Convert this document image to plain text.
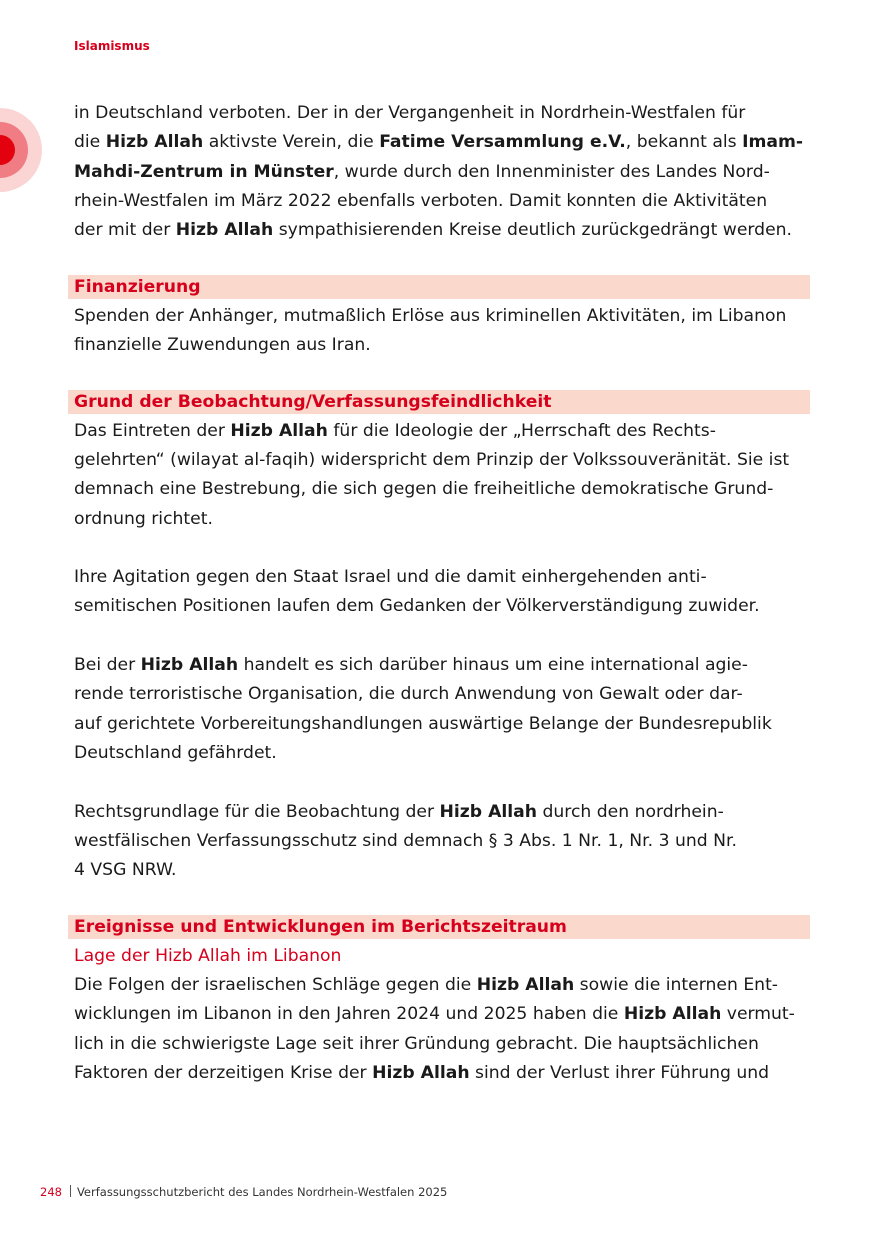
Islamismus

in Deutschland verboten. Der in der Vergangenheit in Nordrhein-Westfalen für
die Hizb Allah aktivste Verein, die Fatime Versammlung e.V., bekannt als Imam-
Mahdi-Zentrum in Münster, wurde durch den Innenminister des Landes Nord-
rhein-Westfalen im März 2022 ebenfalls verboten. Damit konnten die Aktivitäten
der mit der Hizb Allah sympathisierenden Kreise deutlich zurückgedrängt werden.

Finanzierung

Spenden der Anhänger, mutmaßlich Erlöse aus kriminellen Aktivitäten, im Libanon
finanzielle Zuwendungen aus Iran.

Grund der Beobachtung/Verfassungsfeindlichkeit

Das Eintreten der Hizb Allah für die Ideologie der „Herrschaft des Rechts-
gelehrten“ (wilayat al-faqih) widerspricht dem Prinzip der Volkssouveränität. Sie ist
demnach eine Bestrebung, die sich gegen die freiheitliche demokratische Grund-
ordnung richtet.

Ihre Agitation gegen den Staat Israel und die damit einhergehenden anti-
semitischen Positionen laufen dem Gedanken der Völkerverständigung zuwider.

Bei der Hizb Allah handelt es sich darüber hinaus um eine international agie-
rende terroristische Organisation, die durch Anwendung von Gewalt oder dar-
auf gerichtete Vorbereitungshandlungen auswärtige Belange der Bundesrepublik
Deutschland gefährdet.

Rechtsgrundlage für die Beobachtung der Hizb Allah durch den nordrhein-
westfälischen Verfassungsschutz sind demnach § 3 Abs. 1 Nr. 1, Nr. 3 und Nr.
4 VSG NRW.

Ereignisse und Entwicklungen im Berichtszeitraum
Lage der Hizb Allah im Libanon

Die Folgen der israelischen Schläge gegen die Hizb Allah sowie die internen Ent-
wicklungen im Libanon in den Jahren 2024 und 2025 haben die Hizb Allah vermut-
lich in die schwierigste Lage seit ihrer Gründung gebracht. Die hauptsächlichen
Faktoren der derzeitigen Krise der Hizb Allah sind der Verlust ihrer Führung und

248 Verfassungsschutzbericht des Landes Nordrhein-Westfalen 2025
